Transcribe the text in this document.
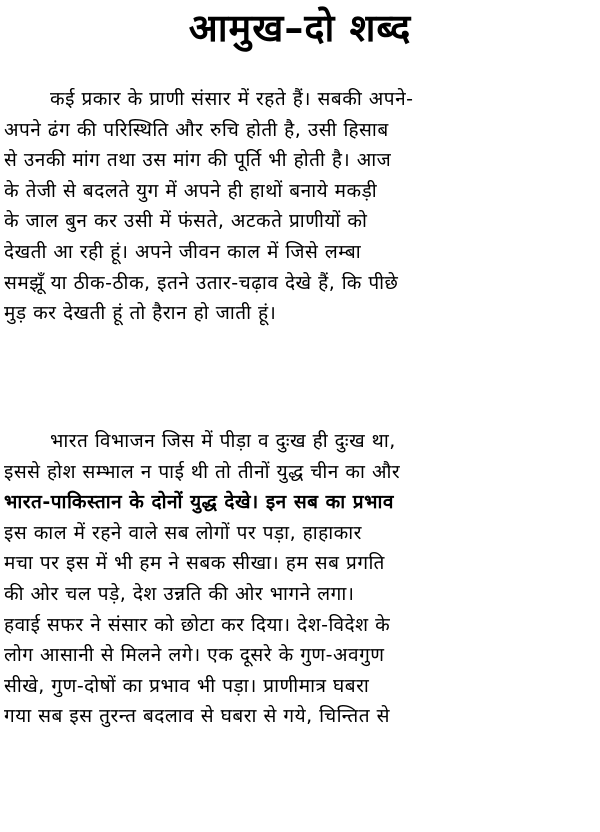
आमुख–दो शब्द
कई प्रकार के प्राणी संसार में रहते हैं। सबकी अपने-
अपने ढंग की परिस्थिति और रुचि होती है, उसी हिसाब
से उनकी मांग तथा उस मांग की पूर्ति भी होती है। आज
के तेजी से बदलते युग में अपने ही हाथों बनाये मकड़ी
के जाल बुन कर उसी में फंसते, अटकते प्राणीयों को
देखती आ रही हूं। अपने जीवन काल में जिसे लम्बा
समझूँ या ठीक-ठीक, इतने उतार-चढ़ाव देखे हैं, कि पीछे
मुड़ कर देखती हूं तो हैरान हो जाती हूं।
भारत विभाजन जिस में पीड़ा व दुःख ही दुःख था,
इससे होश सम्भाल न पाई थी तो तीनों युद्ध चीन का और
भारत-पाकिस्तान के दोनों युद्ध देखे। इन सब का प्रभाव
इस काल में रहने वाले सब लोगों पर पड़ा, हाहाकार
मचा पर इस में भी हम ने सबक सीखा। हम सब प्रगति
की ओर चल पड़े, देश उन्नति की ओर भागने लगा।
हवाई सफर ने संसार को छोटा कर दिया। देश-विदेश के
लोग आसानी से मिलने लगे। एक दूसरे के गुण-अवगुण
सीखे, गुण-दोषों का प्रभाव भी पड़ा। प्राणीमात्र घबरा
गया सब इस तुरन्त बदलाव से घबरा से गये, चिन्तित से
